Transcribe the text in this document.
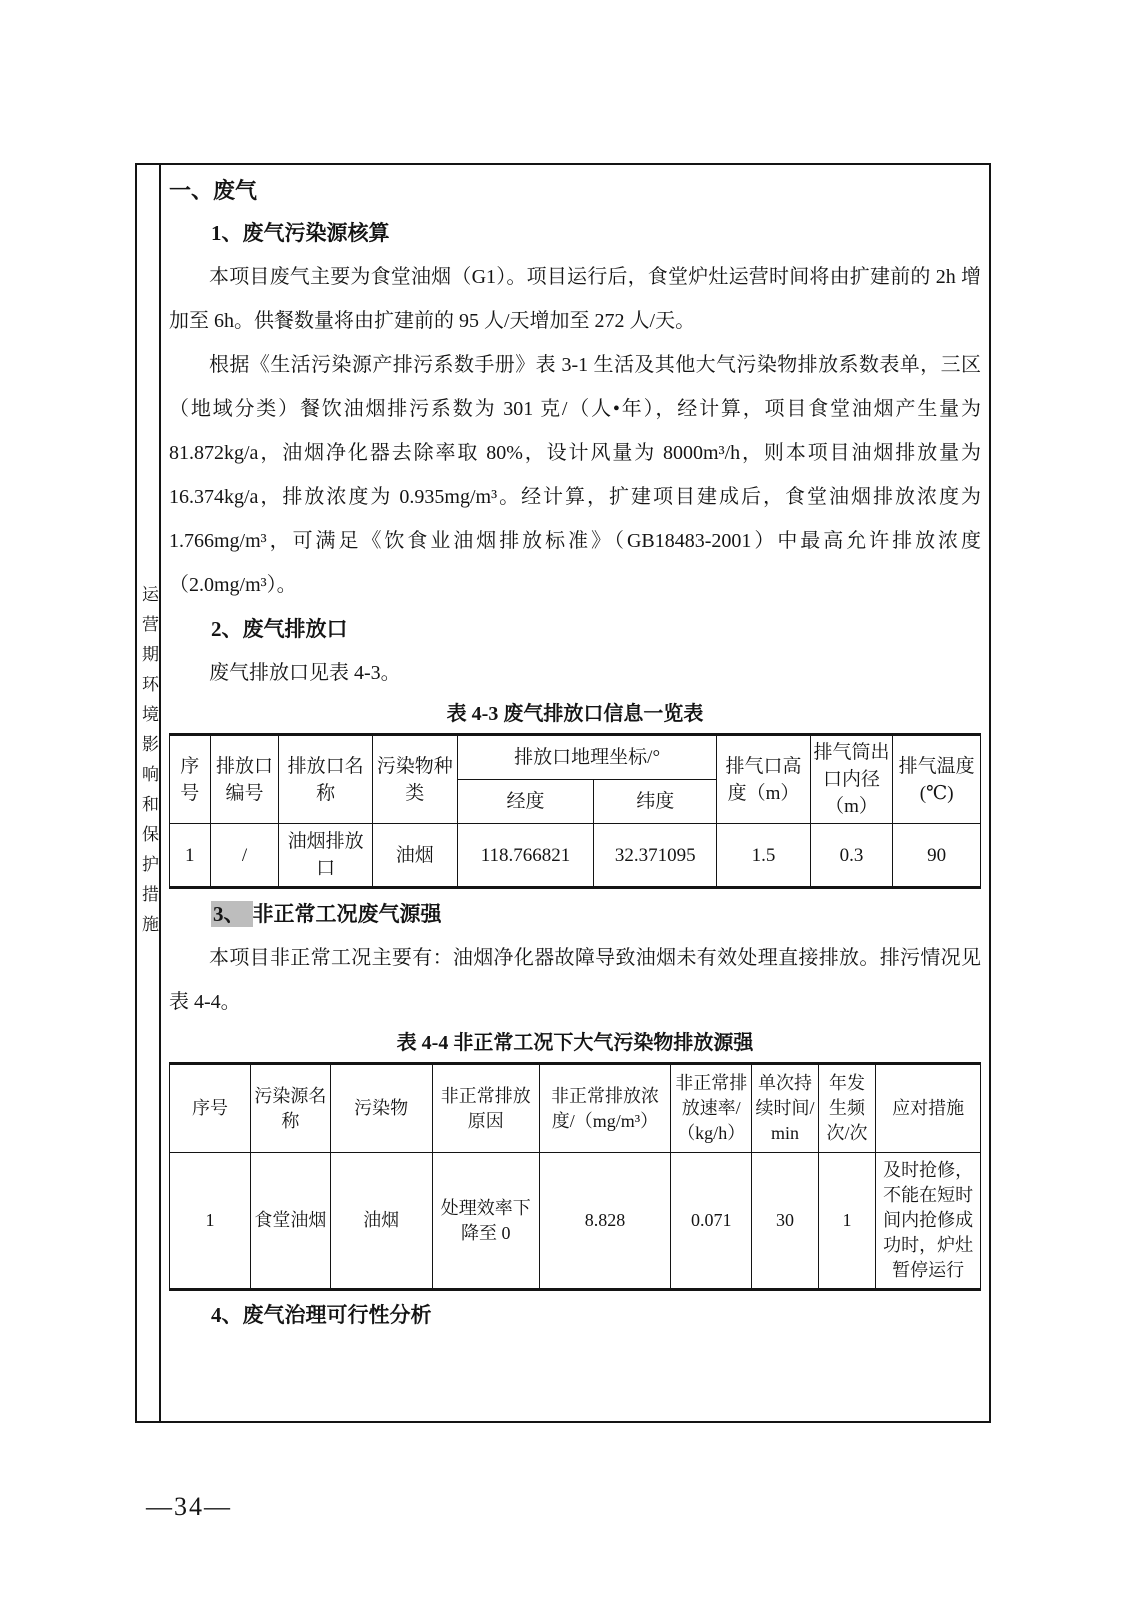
运营期环境影响和保护措施
一、废气
1、废气污染源核算

本项目废气主要为食堂油烟（G1）。项目运行后，食堂炉灶运营时间将由扩建前的 2h 增加至 6h。供餐数量将由扩建前的 95 人/天增加至 272 人/天。

根据《生活污染源产排污系数手册》表 3-1 生活及其他大气污染物排放系数表单，三区（地域分类）餐饮油烟排污系数为 301 克/（人•年），经计算，项目食堂油烟产生量为 81.872kg/a，油烟净化器去除率取 80%，设计风量为 8000m³/h，则本项目油烟排放量为 16.374kg/a，排放浓度为 0.935mg/m³。经计算，扩建项目建成后，食堂油烟排放浓度为 1.766mg/m³，可满足《饮食业油烟排放标准》（GB18483-2001）中最高允许排放浓度（2.0mg/m³）。

2、废气排放口

废气排放口见表 4-3。

表 4-3 废气排放口信息一览表
序号	排放口编号	排放口名称	污染物种类	排放口地理坐标/°		排气口高度（m）	排气筒出口内径（m）	排气温度(℃)
				经度	纬度			
1	/	油烟排放口	油烟	118.766821	32.371095	1.5	0.3	90
3、 非正常工况废气源强

本项目非正常工况主要有：油烟净化器故障导致油烟未有效处理直接排放。排污情况见表 4-4。

表 4-4 非正常工况下大气污染物排放源强
序号	污染源名称	污染物	非正常排放原因	非正常排放浓度/（mg/m³）	非正常排放速率/（kg/h）	单次持续时间/min	年发生频次/次	应对措施
1	食堂油烟	油烟	处理效率下降至 0	8.828	0.071	30	1	及时抢修，不能在短时间内抢修成功时，炉灶暂停运行
4、废气治理可行性分析
—34—
